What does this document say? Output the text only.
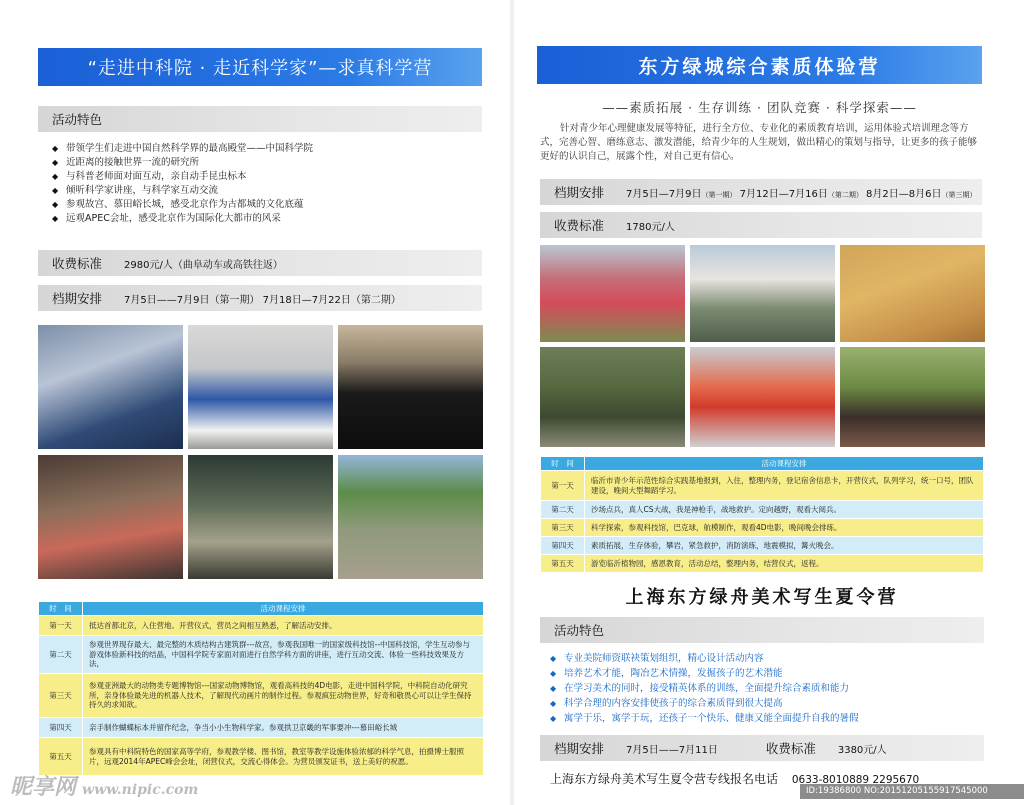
“走进中科院 · 走近科学家”—求真科学营
活动特色
◆ 带领学生们走进中国自然科学界的最高殿堂——中国科学院
◆ 近距离的接触世界一流的研究所
◆ 与科普老师面对面互动，亲自动手昆虫标本
◆ 倾听科学家讲座，与科学家互动交流
◆ 参观故宫、慕田峪长城，感受北京作为古都城的文化底蕴
◆ 远观APEC会址，感受北京作为国际化大都市的风采
收费标准 2980元/人（曲阜动车或高铁往返）
档期安排 7月5日——7月9日（第一期） 7月18日—7月22日（第二期）
时　间	活动课程安排
第一天	抵达首都北京，入住营地。开营仪式，营员之间相互熟悉，了解活动安排。
第二天	参观世界现存最大、最完整的木质结构古建筑群---故宫，参观我国唯一的国家级科技馆--中国科技馆，学生互动参与游戏体验新科技的结晶，中国科学院专家面对面进行自然学科方面的讲座，进行互动交流、体验一些科技效果及方法，
第三天	参观亚洲最大的动物类专题博物馆---国家动物博物馆，观看高科技的4D电影，走进中国科学院，中科院自动化研究所，亲身体验最先进的机器人技术，了解现代动画片的制作过程。参观疯狂动物世界，好奇和敬畏心可以让学生保持持久的求知欲。
第四天	亲手制作蝴蝶标本并留作纪念，争当小小生物科学家。参观拱卫京畿的军事要冲---慕田峪长城
第五天	参观具有中科院特色的国家高等学府，参观教学楼、图书馆，教室等教学设施体验浓郁的科学气息，拍摄博士服照片，远观2014年APEC峰会会址，闭营仪式，交流心得体会。为营员颁发证书，送上美好的祝愿。
东方绿城综合素质体验营
——素质拓展 · 生存训练 · 团队竞赛 · 科学探索——
针对青少年心理健康发展等特征，进行全方位、专业化的素质教育培训，运用体验式培训理念等方式，完善心智、磨练意志、激发潜能，给青少年的人生规划，做出精心的策划与指导，让更多的孩子能够更好的认识自己，展露个性，对自己更有信心。
档期安排 7月5日—7月9日（第一期） 7月12日—7月16日（第二期） 8月2日—8月6日（第三期）
收费标准 1780元/人
时　间	活动课程安排
第一天	临沂市青少年示范性综合实践基地报到，入住，整理内务，登记宿舍信息卡，开营仪式，队列学习，统一口号，团队建设，晚间大型舞蹈学习。
第二天	沙场点兵，真人CS大战，我是神枪手，战地救护。定向越野，观看大阅兵。
第三天	科学探索，参观科技馆，巴克球，航模制作，观看4D电影，晚间晚会排练。
第四天	素质拓展，生存体验，攀岩，紧急救护，消防演练，地震模拟，篝火晚会。
第五天	游览临沂植物园，感恩教育，活动总结，整理内务，结营仪式，返程。
上海东方绿舟美术写生夏令营
活动特色
◆ 专业美院师资联袂策划组织，精心设计活动内容
◆ 培养艺术才能，陶冶艺术情操，发掘孩子的艺术潜能
◆ 在学习美术的同时，接受精英体系的训练，全面提升综合素质和能力
◆ 科学合理的内容安排使孩子的综合素质得到很大提高
◆ 寓学于乐，寓学于玩，还孩子一个快乐、健康又能全面提升自我的暑假
档期安排 7月5日——7月11日	收费标准 3380元/人
上海东方绿舟美术写生夏令营专线报名电话 0633-8010889 2295670
昵享网 www.nipic.com	ID:19386800 NO:20151205155917545000
